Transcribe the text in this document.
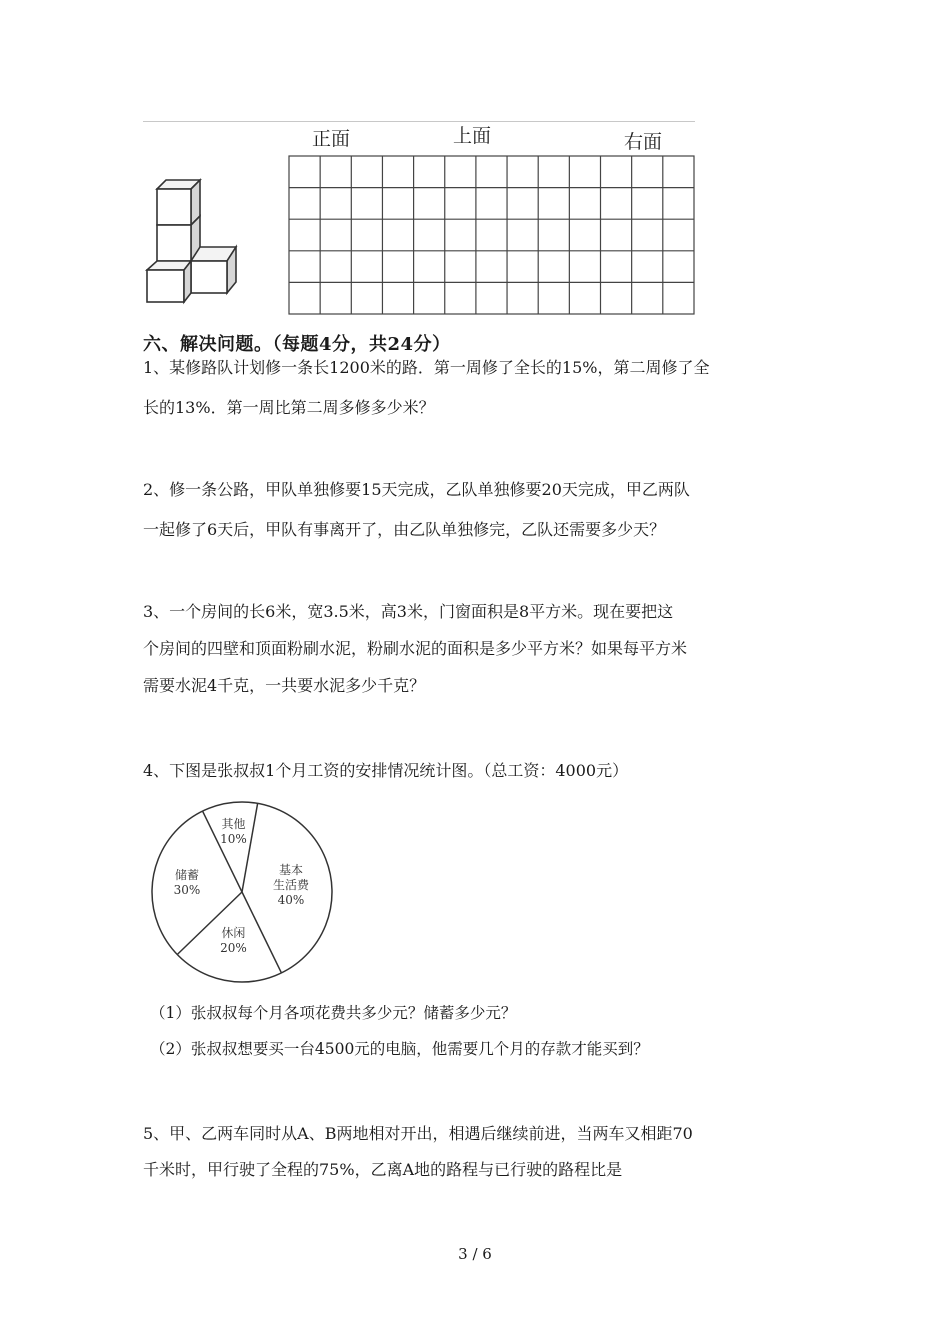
正面	上面	右面
六、解决问题。（每题4分，共24分）
1、某修路队计划修一条长1200米的路．第一周修了全长的15%，第二周修了全
长的13%．第一周比第二周多修多少米？
2、修一条公路，甲队单独修要15天完成，乙队单独修要20天完成，甲乙两队
一起修了6天后，甲队有事离开了，由乙队单独修完，乙队还需要多少天？
3、一个房间的长6米，宽3.5米，高3米，门窗面积是8平方米。现在要把这
个房间的四壁和顶面粉刷水泥，粉刷水泥的面积是多少平方米？如果每平方米
需要水泥4千克，一共要水泥多少千克？
4、下图是张叔叔1个月工资的安排情况统计图。（总工资：4000元）
基本
生活费
40%
休闲
20%
储蓄
30%
其他
10%
（1）张叔叔每个月各项花费共多少元？储蓄多少元？
（2）张叔叔想要买一台4500元的电脑，他需要几个月的存款才能买到？
5、甲、乙两车同时从A、B两地相对开出，相遇后继续前进，当两车又相距70
千米时，甲行驶了全程的75%，乙离A地的路程与已行驶的路程比是
3 / 6
